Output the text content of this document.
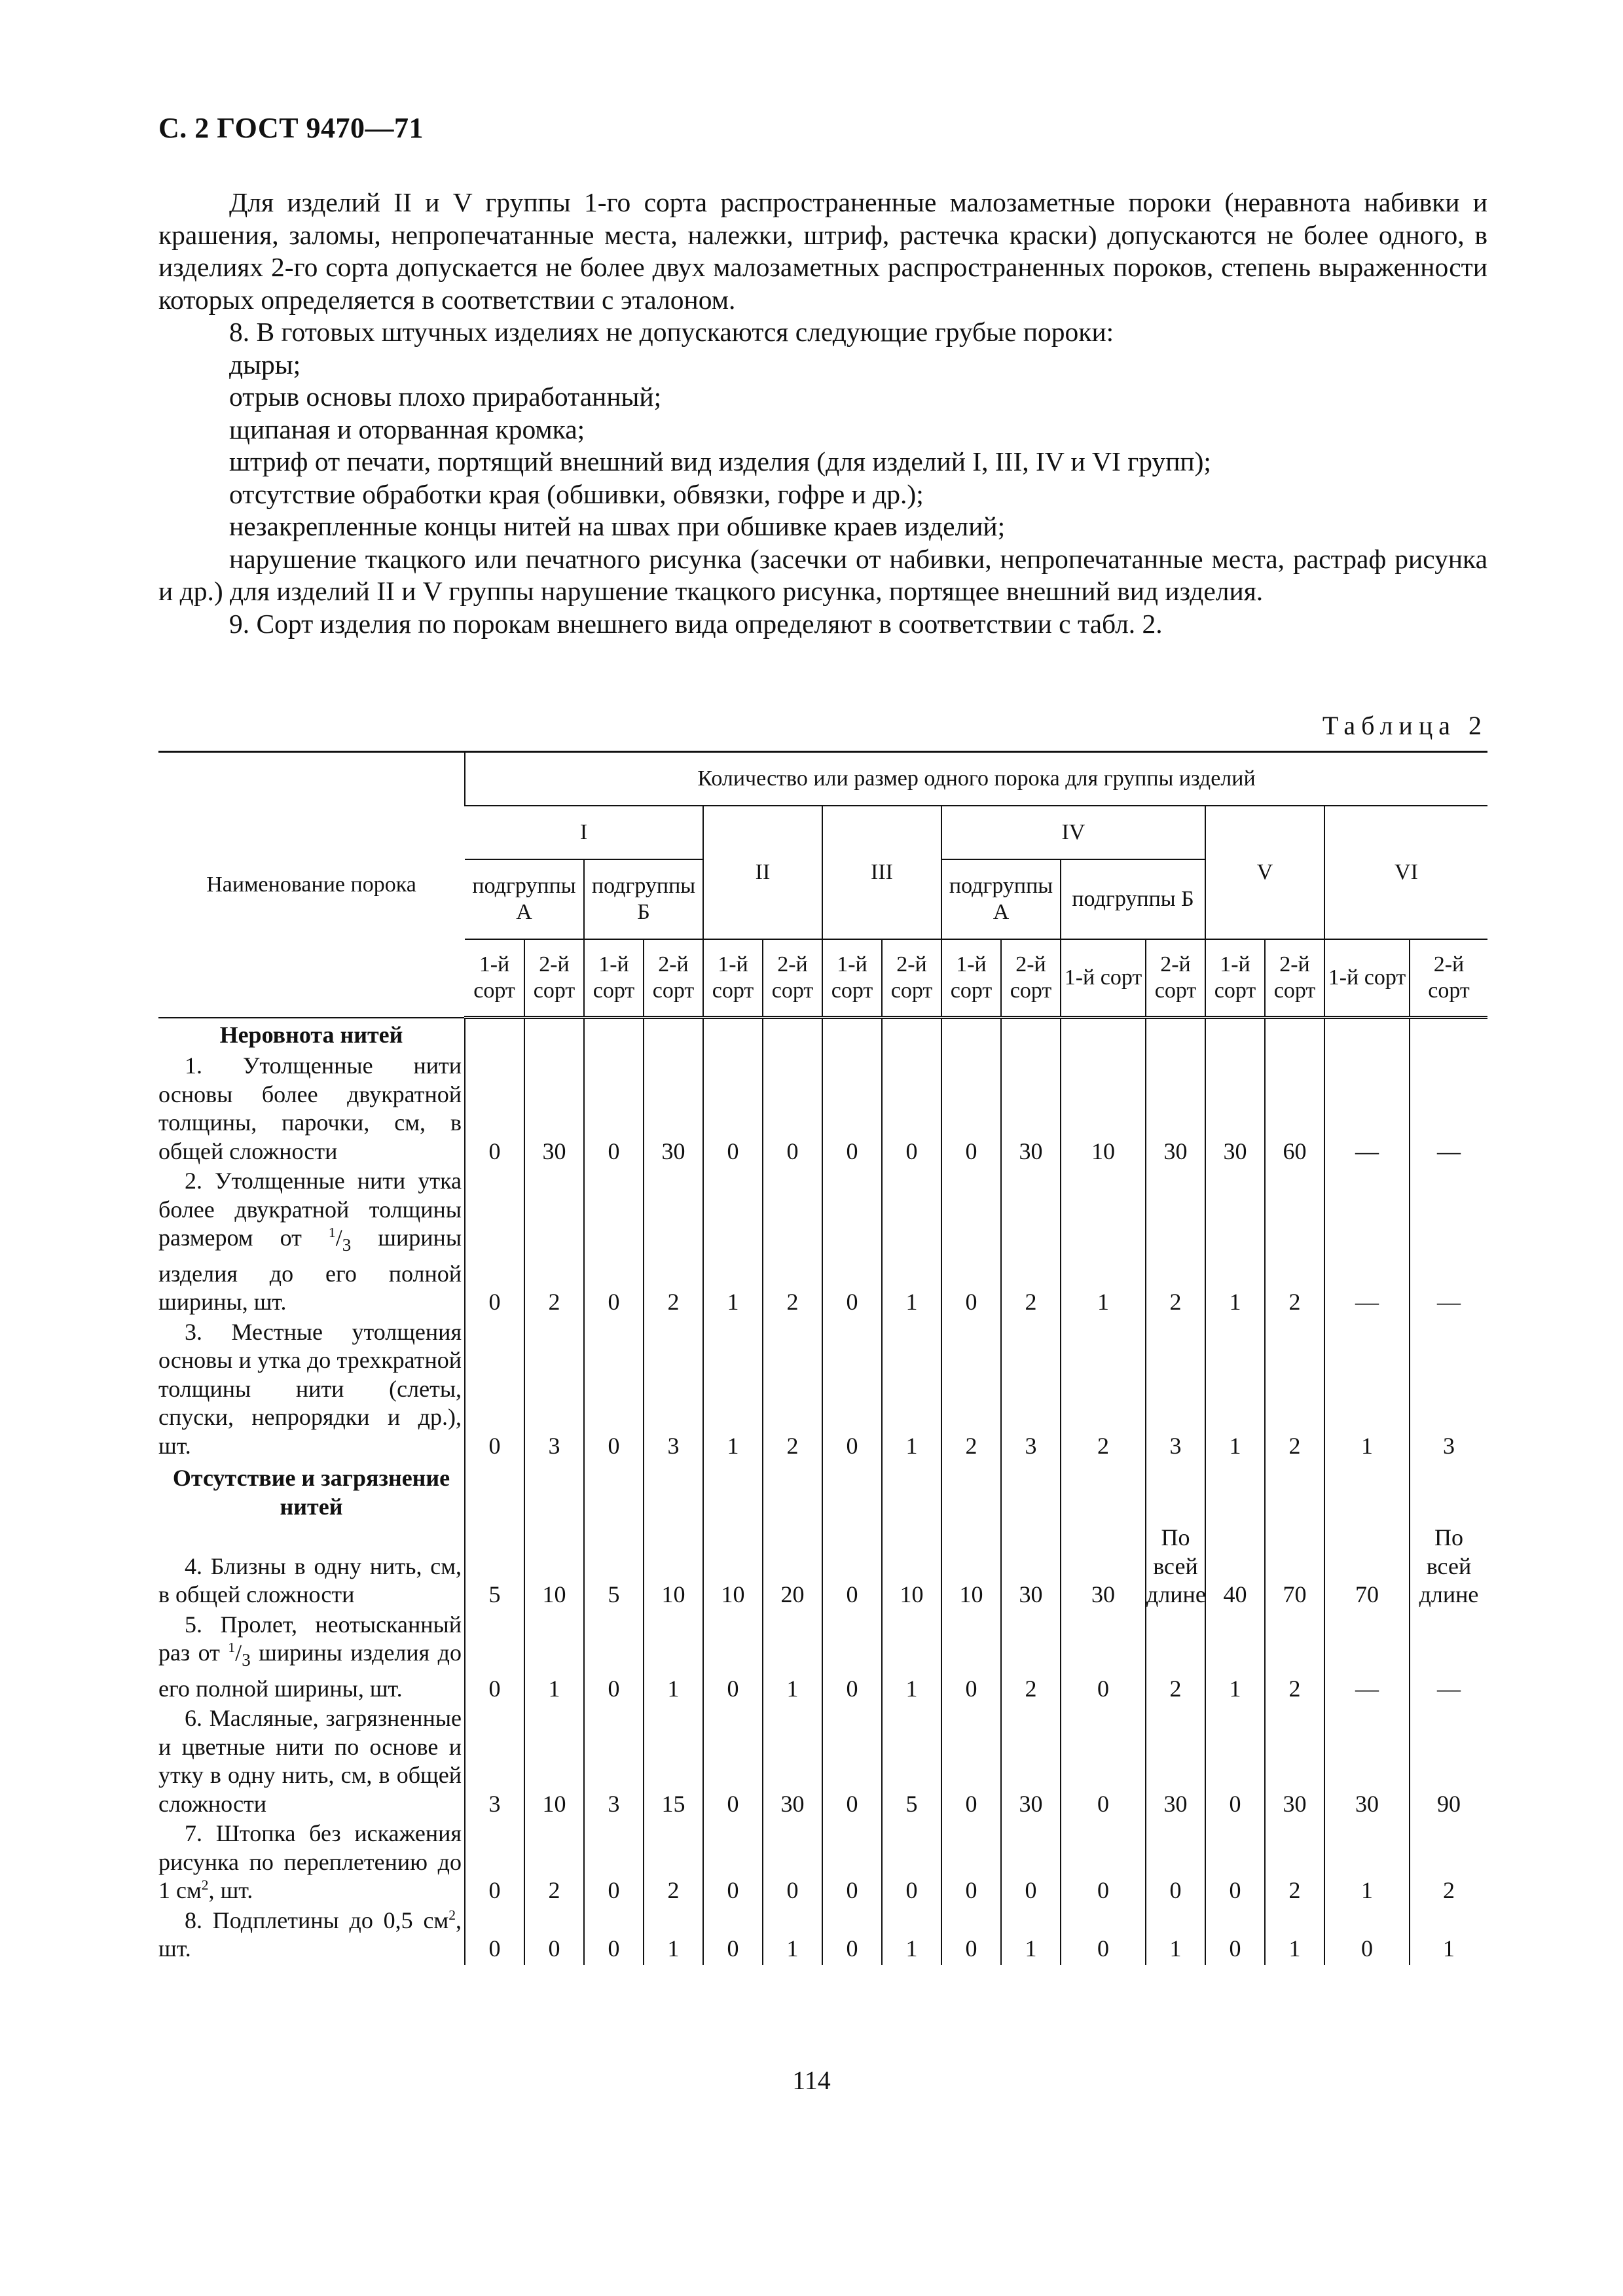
С. 2 ГОСТ 9470—71

Для изделий II и V группы 1-го сорта распространенные малозаметные пороки (неравнота набивки и крашения, заломы, непропечатанные места, нaлeжки, штриф, растечка краски) допускаются не более одного, в изделиях 2-го сорта допускается не более двух малозаметных распространенных пороков, степень выраженности которых определяется в соответствии с эталоном.

8. В готовых штучных изделиях не допускаются следующие грубые пороки:

дыры;

отрыв основы плохо приработанный;

щипаная и оторванная кромка;

штриф от печати, портящий внешний вид изделия (для изделий I, III, IV и VI групп);

отсутствие обработки края (обшивки, обвязки, гофре и др.);

незакрепленные концы нитей на швах при обшивке краев изделий;

нарушение ткацкого или печатного рисунка (засечки от набивки, непропечатанные места, растраф рисунка и др.) для изделий II и V группы нарушение ткацкого рисунка, портящее внешний вид изделия.

9. Сорт изделия по порокам внешнего вида определяют в соответствии с табл. 2.

Таблица 2
Наименование порока	Количество или размер одного порока для группы изделий															
	I				II		III		IV				V		VI	
	подгруппы А		подгруппы Б						подгруппы А		подгруппы Б					
	1-й сорт	2-й сорт	1-й сорт	2-й сорт	1-й сорт	2-й сорт	1-й сорт	2-й сорт	1-й сорт	2-й сорт	1-й сорт	2-й сорт	1-й сорт	2-й сорт	1-й сорт	2-й сорт
Неровнота нитей																
1. Утолщенные нити основы более двукратной толщины, парочки, см, в общей сложности	0	30	0	30	0	0	0	0	0	30	10	30	30	60	—	—
2. Утолщенные нити утка более двукратной толщины размером от $^1/_3$ ширины изделия до его полной ширины, шт.	0	2	0	2	1	2	0	1	0	2	1	2	1	2	—	—
3. Местные утолщения основы и утка до трехкратной толщины нити (слеты, спуски, непрорядки и др.), шт.	0	3	0	3	1	2	0	1	2	3	2	3	1	2	1	3
Отсутствие и загрязнение нитей																
4. Близны в одну нить, см, в общей сложности	5	10	5	10	10	20	0	10	10	30	30	По всей длине	40	70	70	По всей длине
5. Пролет, неотысканный раз от $^1/_3$ ширины изделия до его полной ширины, шт.	0	1	0	1	0	1	0	1	0	2	0	2	1	2	—	—
6. Масляные, загрязненные и цветные нити по основе и утку в одну нить, см, в общей сложности	3	10	3	15	0	30	0	5	0	30	0	30	0	30	30	90
7. Штопка без искажения рисунка по переплетению до 1 $см^2$, шт.	0	2	0	2	0	0	0	0	0	0	0	0	0	2	1	2
8. Подплетины до 0,5 $см^2$, шт.	0	0	0	1	0	1	0	1	0	1	0	1	0	1	0	1
114
